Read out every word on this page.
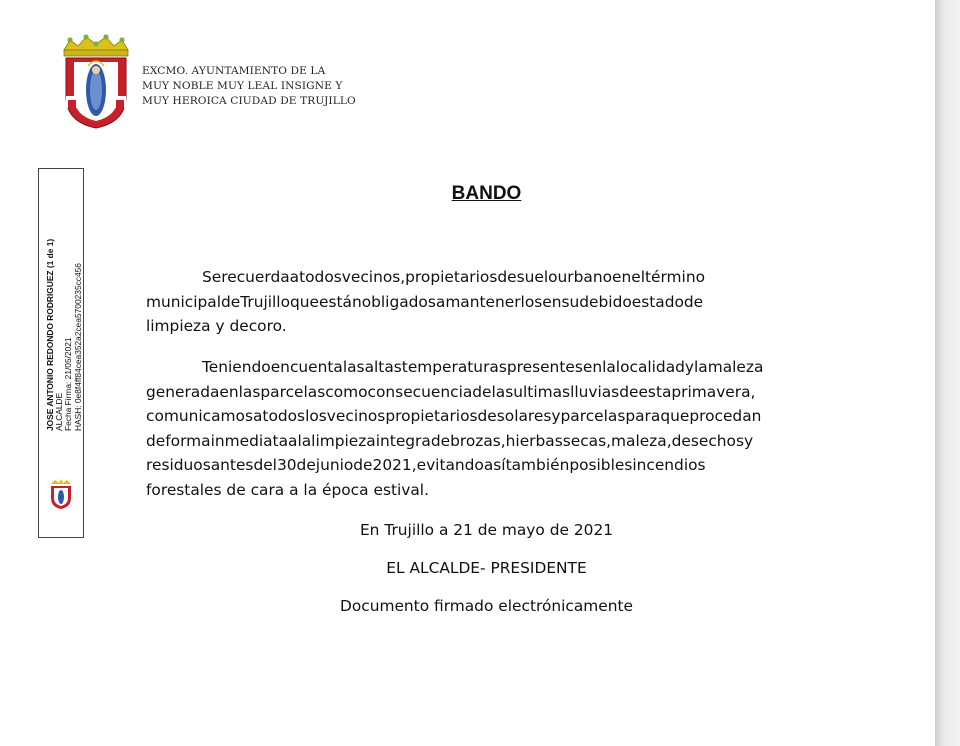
EXCMO. AYUNTAMIENTO DE LA
MUY NOBLE MUY LEAL INSIGNE Y
MUY HEROICA CIUDAD DE TRUJILLO
JOSE ANTONIO REDONDO RODRIGUEZ (1 de 1) ALCALDE Fecha Firma: 21/05/2021 HASH: 0e8f4ff84cea352a2cea5700235cc456
BANDO
Serecuerdaatodosvecinos,propietariosdesuelourbanoeneltérmino
municipaldeTrujilloqueestánobligadosamantenerlosensudebidoestadode
limpieza y decoro.
Teniendoencuentalasaltastemperaturaspresentesenlalocalidadylamaleza
generadaenlasparcelascomoconsecuenciadelasultimaslluviasdeestaprimavera,
comunicamosatodoslosvecinospropietariosdesolaresyparcelasparaqueprocedan
deformainmediataalalimpiezaintegradebrozas,hierbassecas,maleza,desechosy
residuosantesdel30dejuniode2021,evitandoasítambiénposiblesincendios
forestales de cara a la época estival.
En Trujillo a 21 de mayo de 2021
EL ALCALDE- PRESIDENTE
Documento firmado electrónicamente
